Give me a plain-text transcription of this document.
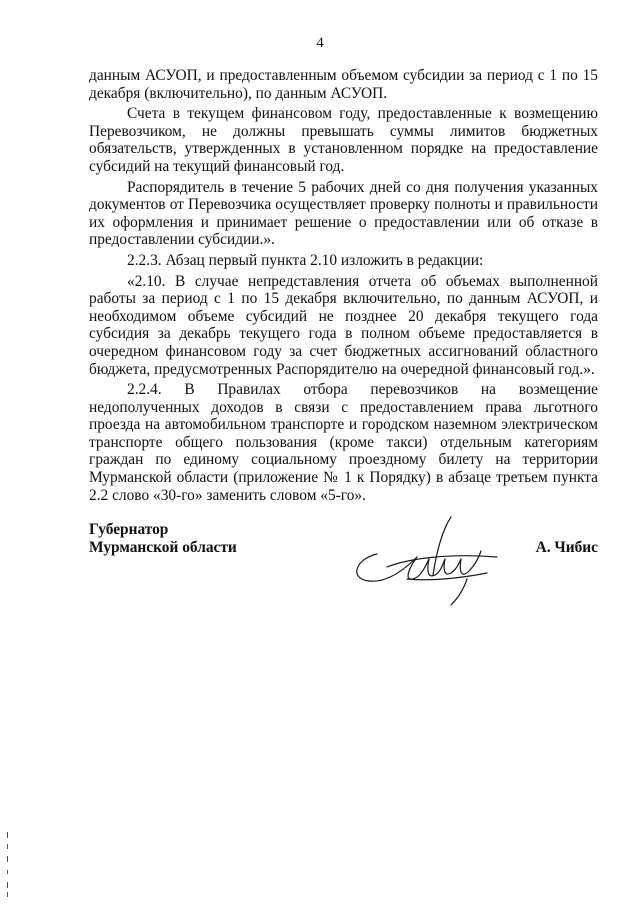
4

данным АСУОП, и предоставленным объемом субсидии за период с 1 по 15 декабря (включительно), по данным АСУОП.

Счета в текущем финансовом году, предоставленные к возмещению Перевозчиком, не должны превышать суммы лимитов бюджетных обязательств, утвержденных в установленном порядке на предоставление субсидий на текущий финансовый год.

Распорядитель в течение 5 рабочих дней со дня получения указанных документов от Перевозчика осуществляет проверку полноты и правильности их оформления и принимает решение о предоставлении или об отказе в предоставлении субсидии.».

2.2.3. Абзац первый пункта 2.10 изложить в редакции:

«2.10. В случае непредставления отчета об объемах выполненной работы за период с 1 по 15 декабря включительно, по данным АСУОП, и необходимом объеме субсидий не позднее 20 декабря текущего года субсидия за декабрь текущего года в полном объеме предоставляется в очередном финансовом году за счет бюджетных ассигнований областного бюджета, предусмотренных Распорядителю на очередной финансовый год.».

2.2.4. В Правилах отбора перевозчиков на возмещение недополученных доходов в связи с предоставлением права льготного проезда на автомобильном транспорте и городском наземном электрическом транспорте общего пользования (кроме такси) отдельным категориям граждан по единому социальному проездному билету на территории Мурманской области (приложение № 1 к Порядку) в абзаце третьем пункта 2.2 слово «30-го» заменить словом «5-го».

Губернатор
Мурманской области	А. Чибис
